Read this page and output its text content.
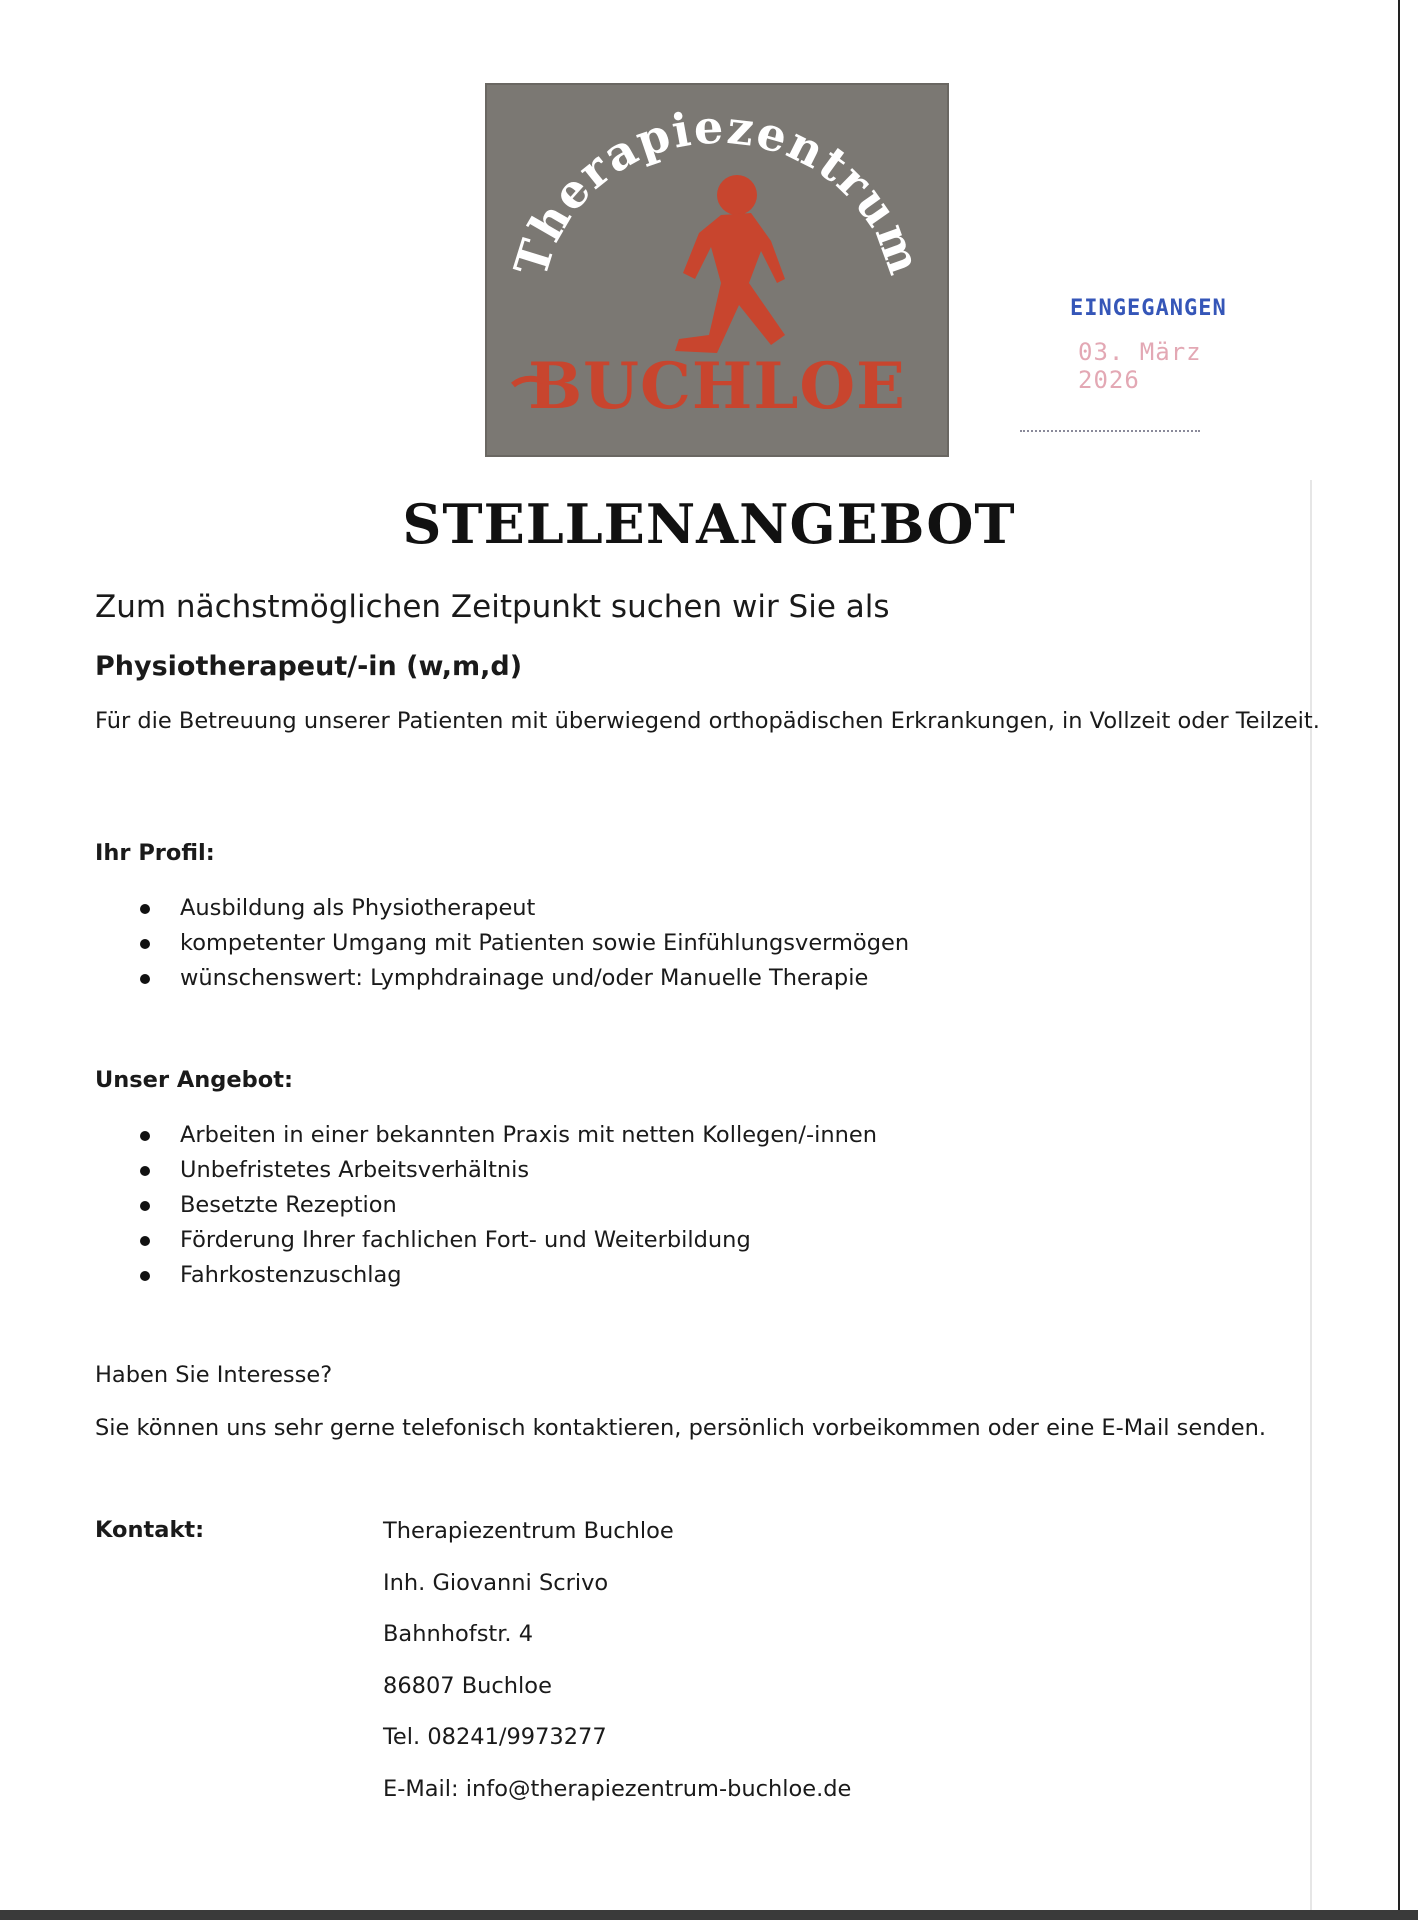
Therapiezentrum
BUCHLOE
EINGEGANGEN
03. März 2026
STELLENANGEBOT
Zum nächstmöglichen Zeitpunkt suchen wir Sie als
Physiotherapeut/-in (w,m,d)
Für die Betreuung unserer Patienten mit überwiegend orthopädischen Erkrankungen, in Vollzeit oder Teilzeit.
Ihr Profil:
Ausbildung als Physiotherapeut
kompetenter Umgang mit Patienten sowie Einfühlungsvermögen
wünschenswert: Lymphdrainage und/oder Manuelle Therapie
Unser Angebot:
Arbeiten in einer bekannten Praxis mit netten Kollegen/-innen
Unbefristetes Arbeitsverhältnis
Besetzte Rezeption
Förderung Ihrer fachlichen Fort- und Weiterbildung
Fahrkostenzuschlag
Haben Sie Interesse?
Sie können uns sehr gerne telefonisch kontaktieren, persönlich vorbeikommen oder eine E-Mail senden.
Kontakt:	Therapiezentrum Buchloe
Inh. Giovanni Scrivo
Bahnhofstr. 4
86807 Buchloe
Tel. 08241/9973277
E-Mail: info@therapiezentrum-buchloe.de
